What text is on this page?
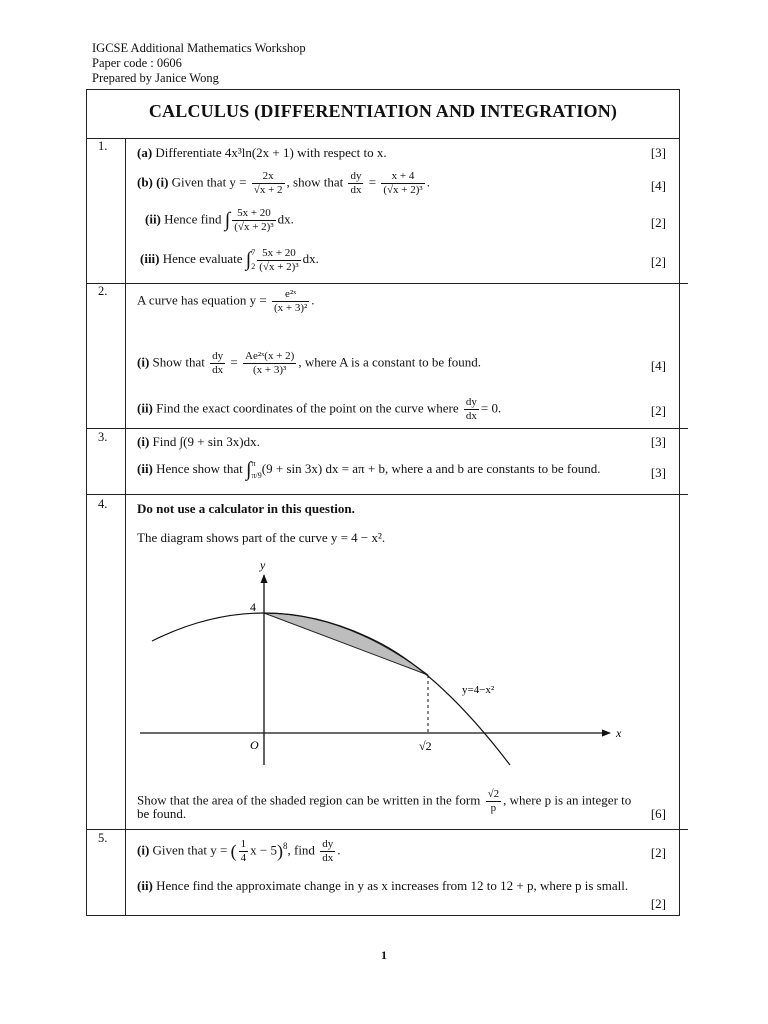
IGCSE Additional Mathematics Workshop
Paper code : 0606
Prepared by Janice Wong
CALCULUS (DIFFERENTIATION AND INTEGRATION)
1. (a) Differentiate 4x³ln(2x + 1) with respect to x.	[3]
(b) (i) Given that $y = \frac{2x}{√x + 2}$ , show that $\frac{dy}{dx} = \frac{x + 4}{\text{(√x + 2)³}}$ .	[4]
(ii) Hence find ∫ $\frac{5x + 20}{\text{(√x + 2)³}}$ dx.	[2]
(iii) Hence evaluate ∫ 7
$2 \frac{5x + 20}{\text{(√x + 2)³}}$ dx.	[2]
2.
A curve has equation $y = \frac{\text{e²ˣ}}{\text{(x + 3)²}}$ .
(i) Show that $\frac{dy}{dx} = \frac{\text{Ae²ˣ(x + 2)}}{\text{(x + 3)³}}$ , where A is a constant to be found.	[4]
(ii) Find the exact coordinates of the point on the curve where $\frac{dy}{dx} = 0$.	[2]
3. (i) Find ∫(9 + sin 3x)dx.	[3]
(ii) Hence show that ∫ π
π/9 (9 + sin 3x) dx = aπ + b, where a and b are constants to be found.	[3]
4. Do not use a calculator in this question.
The diagram shows part of the curve y = 4 − x².
y
x
O
4
√2
y=4−x²
Show that the area of the shaded region can be written in the form $\frac{√2}{p}$ , where p is an integer to
be found.	[6]
5.
(i) Given that y = ( $\frac{1}{4}$ x − 5)$^8$, find $\frac{dy}{dx}$ .	[2]
(ii) Hence find the approximate change in y as x increases from 12 to 12 + p, where p is small.
[2]
1
